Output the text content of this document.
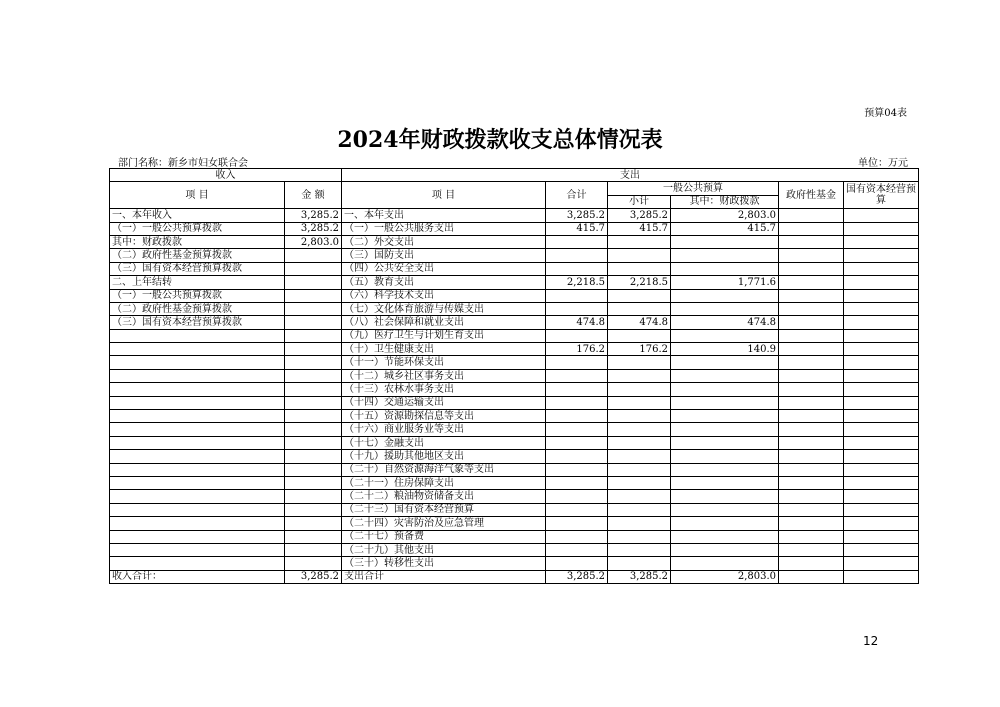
预算04表
2024年财政拨款收支总体情况表
部门名称：新乡市妇女联合会	单位：万元
收入		支出					
项 目	金 额	项 目	合计	一般公共预算		政府性基金	国有资本经营预算
				小计	其中：财政拨款		
一、本年收入	3,285.2	一、本年支出	3,285.2	3,285.2	2,803.0		
（一）一般公共预算拨款	3,285.2	（一）一般公共服务支出	415.7	415.7	415.7		
其中：财政拨款	2,803.0	（二）外交支出					
（二）政府性基金预算拨款		（三）国防支出					
（三）国有资本经营预算拨款		（四）公共安全支出					
二、上年结转		（五）教育支出	2,218.5	2,218.5	1,771.6		
（一）一般公共预算拨款		（六）科学技术支出					
（二）政府性基金预算拨款		（七）文化体育旅游与传媒支出					
（三）国有资本经营预算拨款		（八）社会保障和就业支出	474.8	474.8	474.8		
		（九）医疗卫生与计划生育支出					
		（十）卫生健康支出	176.2	176.2	140.9		
		（十一）节能环保支出					
		（十二）城乡社区事务支出					
		（十三）农林水事务支出					
		（十四）交通运输支出					
		（十五）资源勘探信息等支出					
		（十六）商业服务业等支出					
		（十七）金融支出					
		（十九）援助其他地区支出					
		（二十）自然资源海洋气象等支出					
		（二十一）住房保障支出					
		（二十二）粮油物资储备支出					
		（二十三）国有资本经营预算					
		（二十四）灾害防治及应急管理					
		（二十七）预备费					
		（二十九）其他支出					
		（三十）转移性支出					
收入合计：	3,285.2	支出合计	3,285.2	3,285.2	2,803.0		
12
